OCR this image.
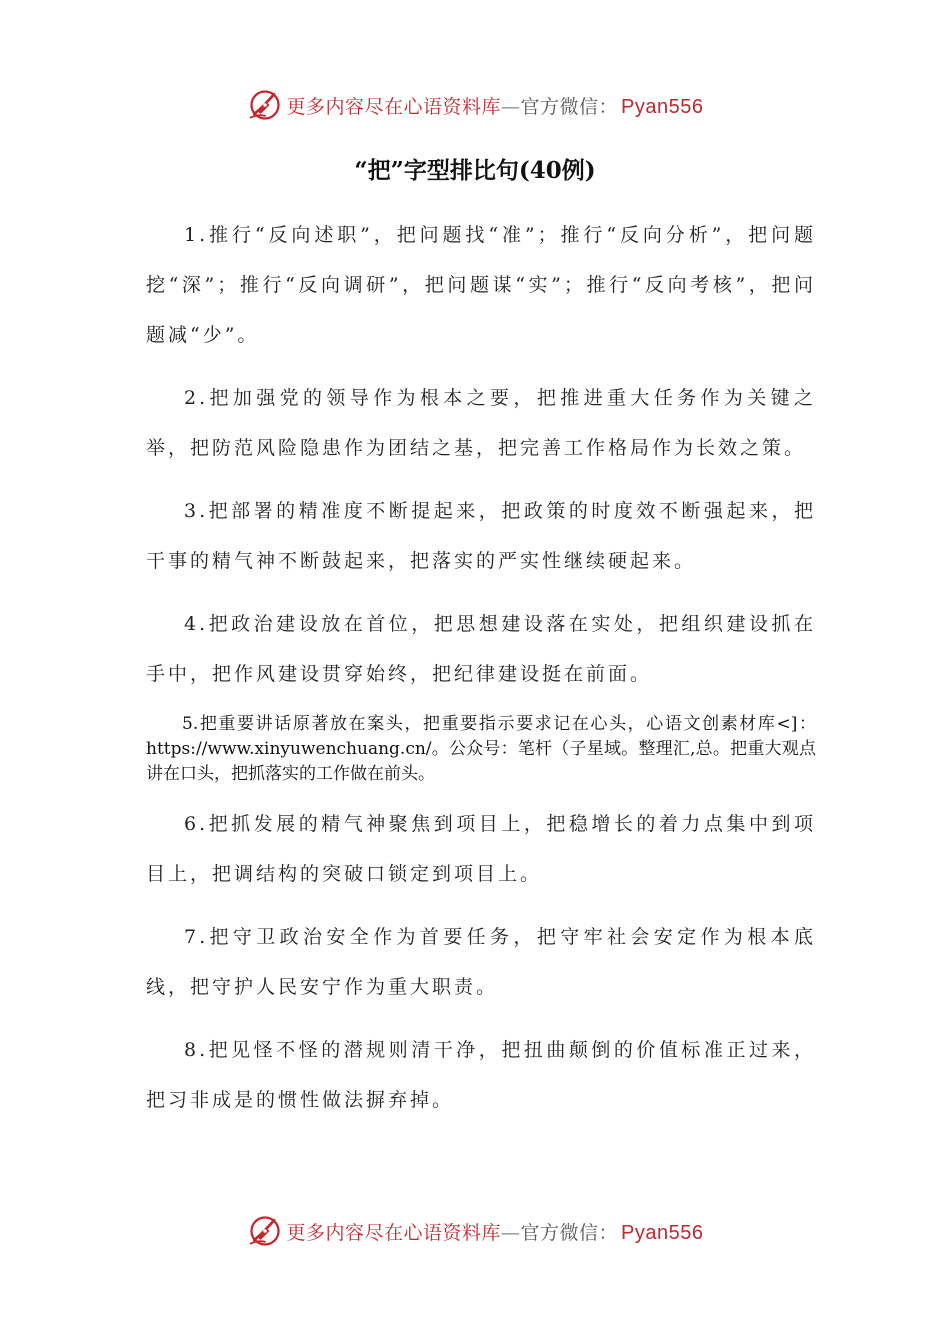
更多内容尽在心语资料库—官方微信： Pyan556
“把”字型排比句(40例)

1.推行“反向述职”，把问题找“准”；推行“反向分析”，把问题挖“深”；推行“反向调研”，把问题谋“实”；推行“反向考核”，把问题减“少”。

2.把加强党的领导作为根本之要，把推进重大任务作为关键之举，把防范风险隐患作为团结之基，把完善工作格局作为长效之策。

3.把部署的精准度不断提起来，把政策的时度效不断强起来，把干事的精气神不断鼓起来，把落实的严实性继续硬起来。

4.把政治建设放在首位，把思想建设落在实处，把组织建设抓在手中，把作风建设贯穿始终，把纪律建设挺在前面。

5.把重要讲话原著放在案头，把重要指示要求记在心头，心语文创素材库<]：https://www.xinyuwenchuang.cn/。公众号：笔杆（子星域。整理汇,总。把重大观点讲在口头，把抓落实的工作做在前头。

6.把抓发展的精气神聚焦到项目上，把稳增长的着力点集中到项目上，把调结构的突破口锁定到项目上。

7.把守卫政治安全作为首要任务，把守牢社会安定作为根本底线，把守护人民安宁作为重大职责。

8.把见怪不怪的潜规则清干净，把扭曲颠倒的价值标准正过来，把习非成是的惯性做法摒弃掉。

更多内容尽在心语资料库—官方微信： Pyan556
